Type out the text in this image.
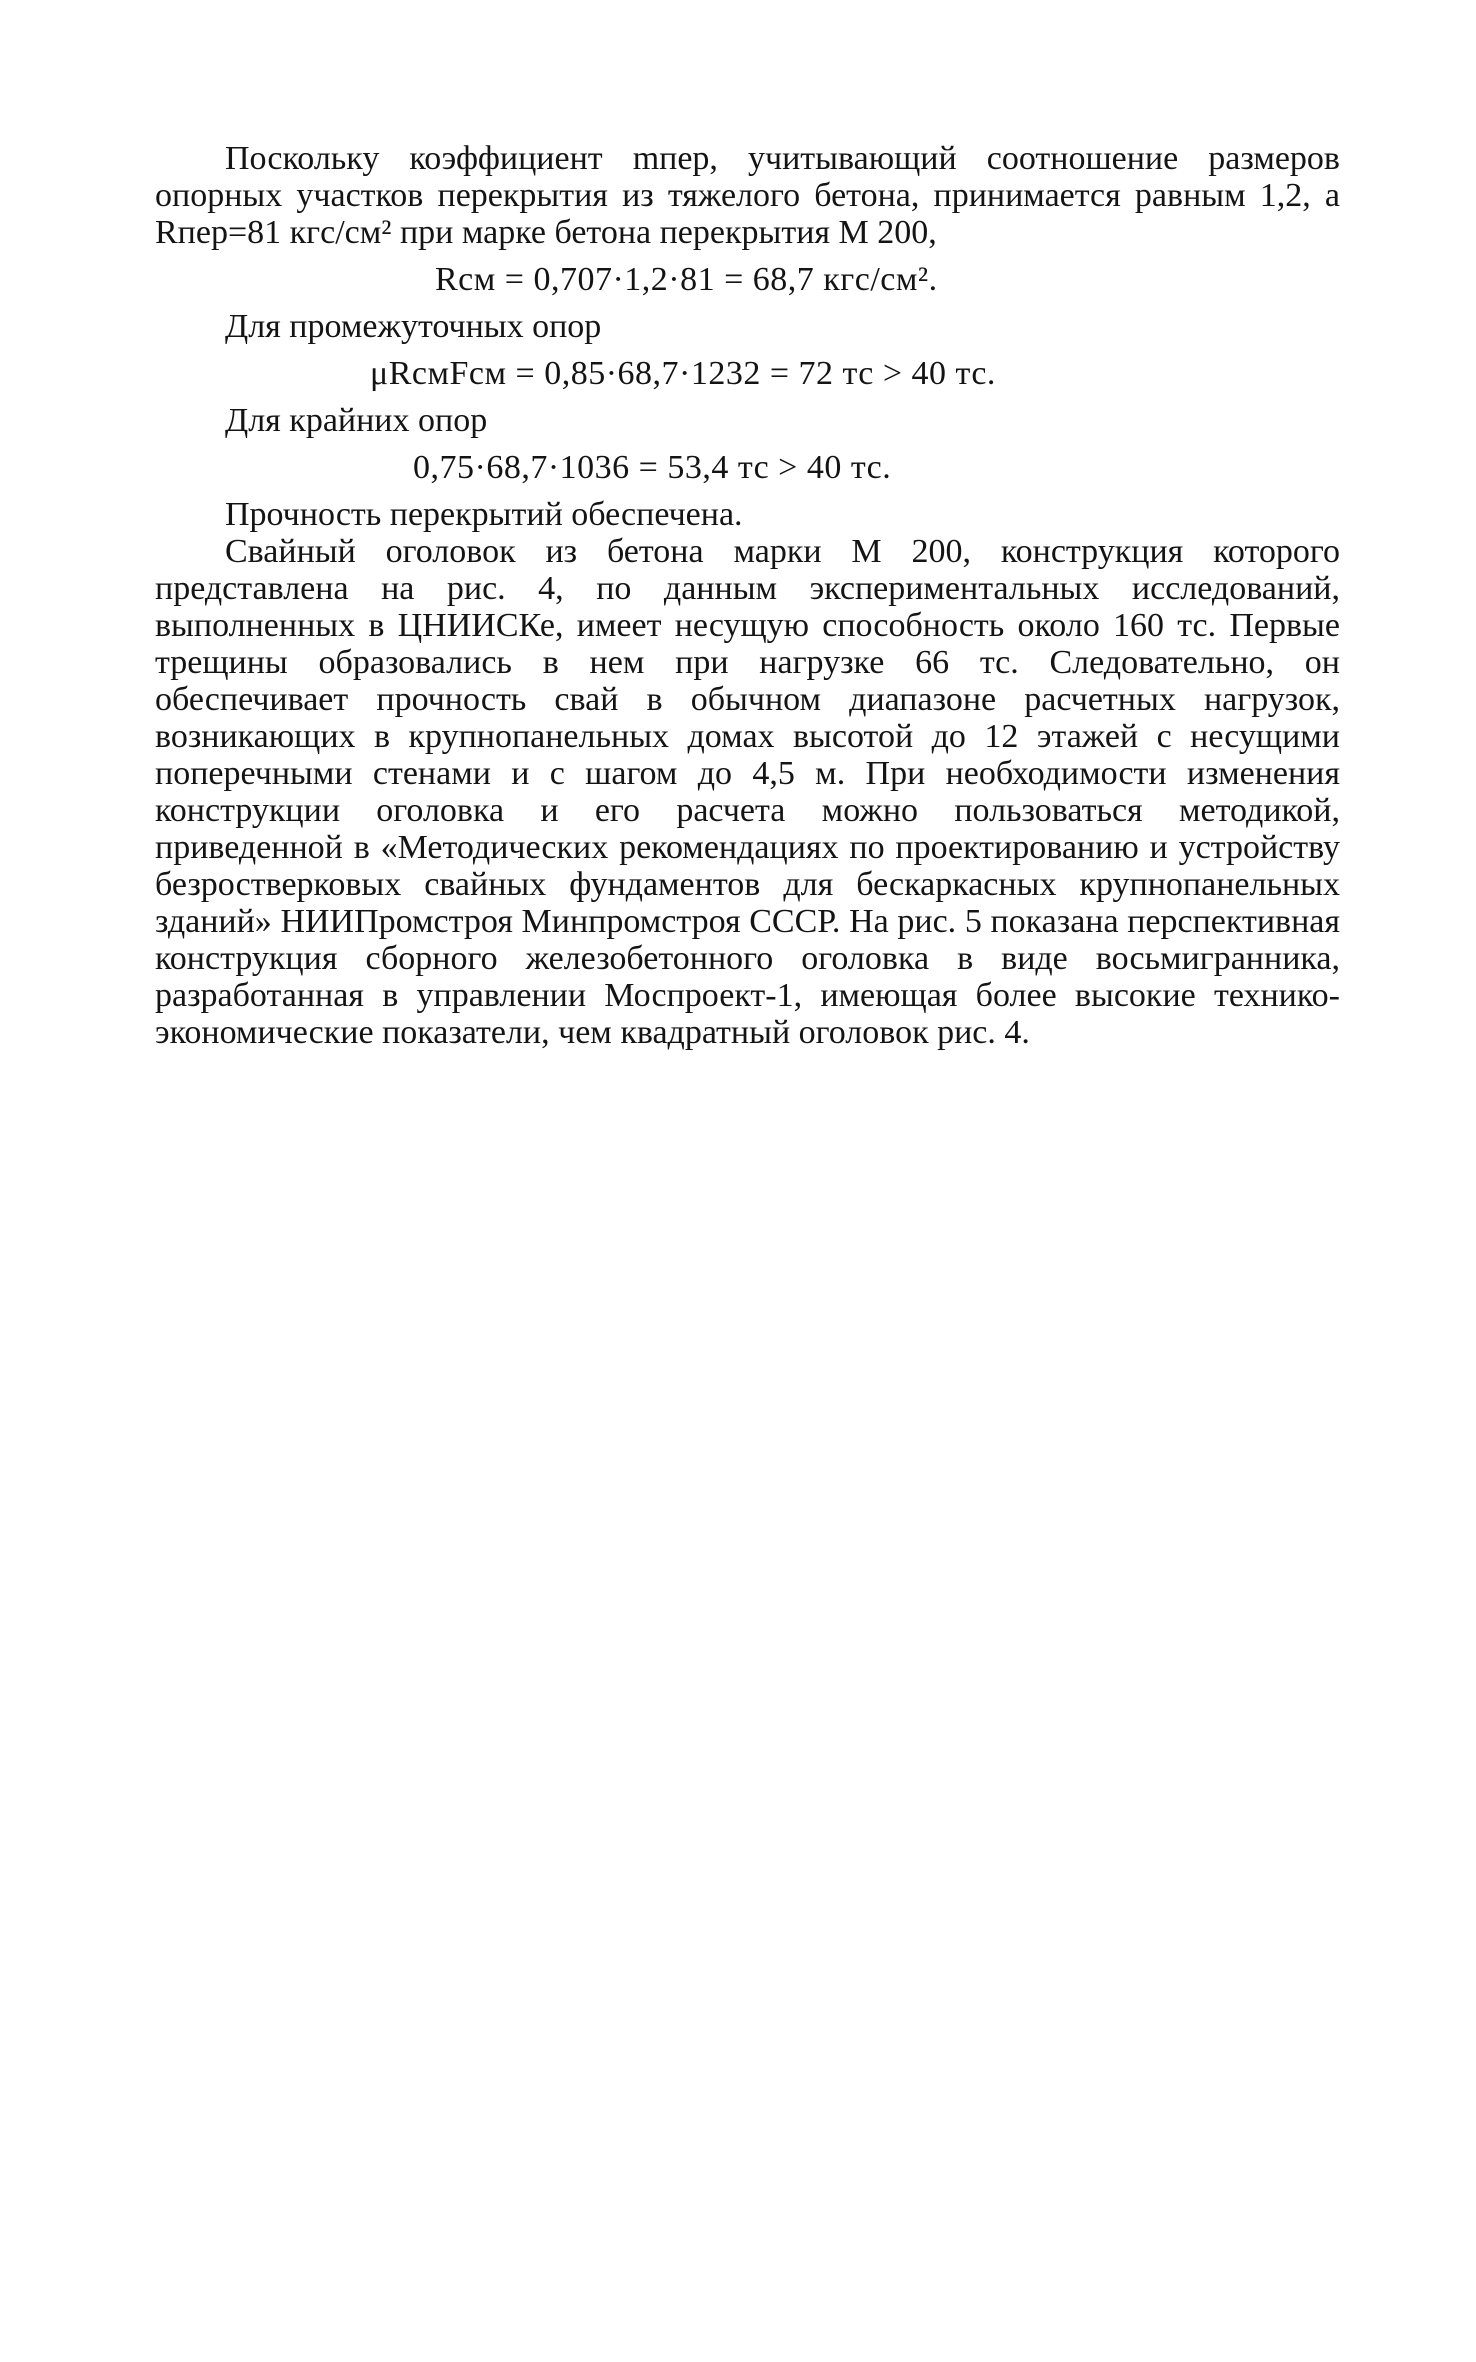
Поскольку коэффициент mпер, учитывающий соотношение размеров опорных участков перекрытия из тяжелого бетона, принимается равным 1,2, а Rпер=81 кгс/см² при марке бетона перекрытия М 200,

Rсм = 0,707·1,2·81 = 68,7 кгс/см².

Для промежуточных опор

μRсмFсм = 0,85·68,7·1232 = 72 тс > 40 тс.

Для крайних опор

0,75·68,7·1036 = 53,4 тс > 40 тс.

Прочность перекрытий обеспечена.

Свайный оголовок из бетона марки М 200, конструкция которого представлена на рис. 4, по данным экспериментальных исследований, выполненных в ЦНИИСКе, имеет несущую способность около 160 тс. Первые трещины образовались в нем при нагрузке 66 тс. Следовательно, он обеспечивает прочность свай в обычном диапазоне расчетных нагрузок, возникающих в крупнопанельных домах высотой до 12 этажей с несущими поперечными стенами и с шагом до 4,5 м. При необходимости изменения конструкции оголовка и его расчета можно пользоваться методикой, приведенной в «Методических рекомендациях по проектированию и устройству безростверковых свайных фундаментов для бескаркасных крупнопанельных зданий» НИИПромстроя Минпромстроя СССР. На рис. 5 показана перспективная конструкция сборного железобетонного оголовка в виде восьмигранника, разработанная в управлении Моспроект-1, имеющая более высокие технико-экономические показатели, чем квадратный оголовок рис. 4.
